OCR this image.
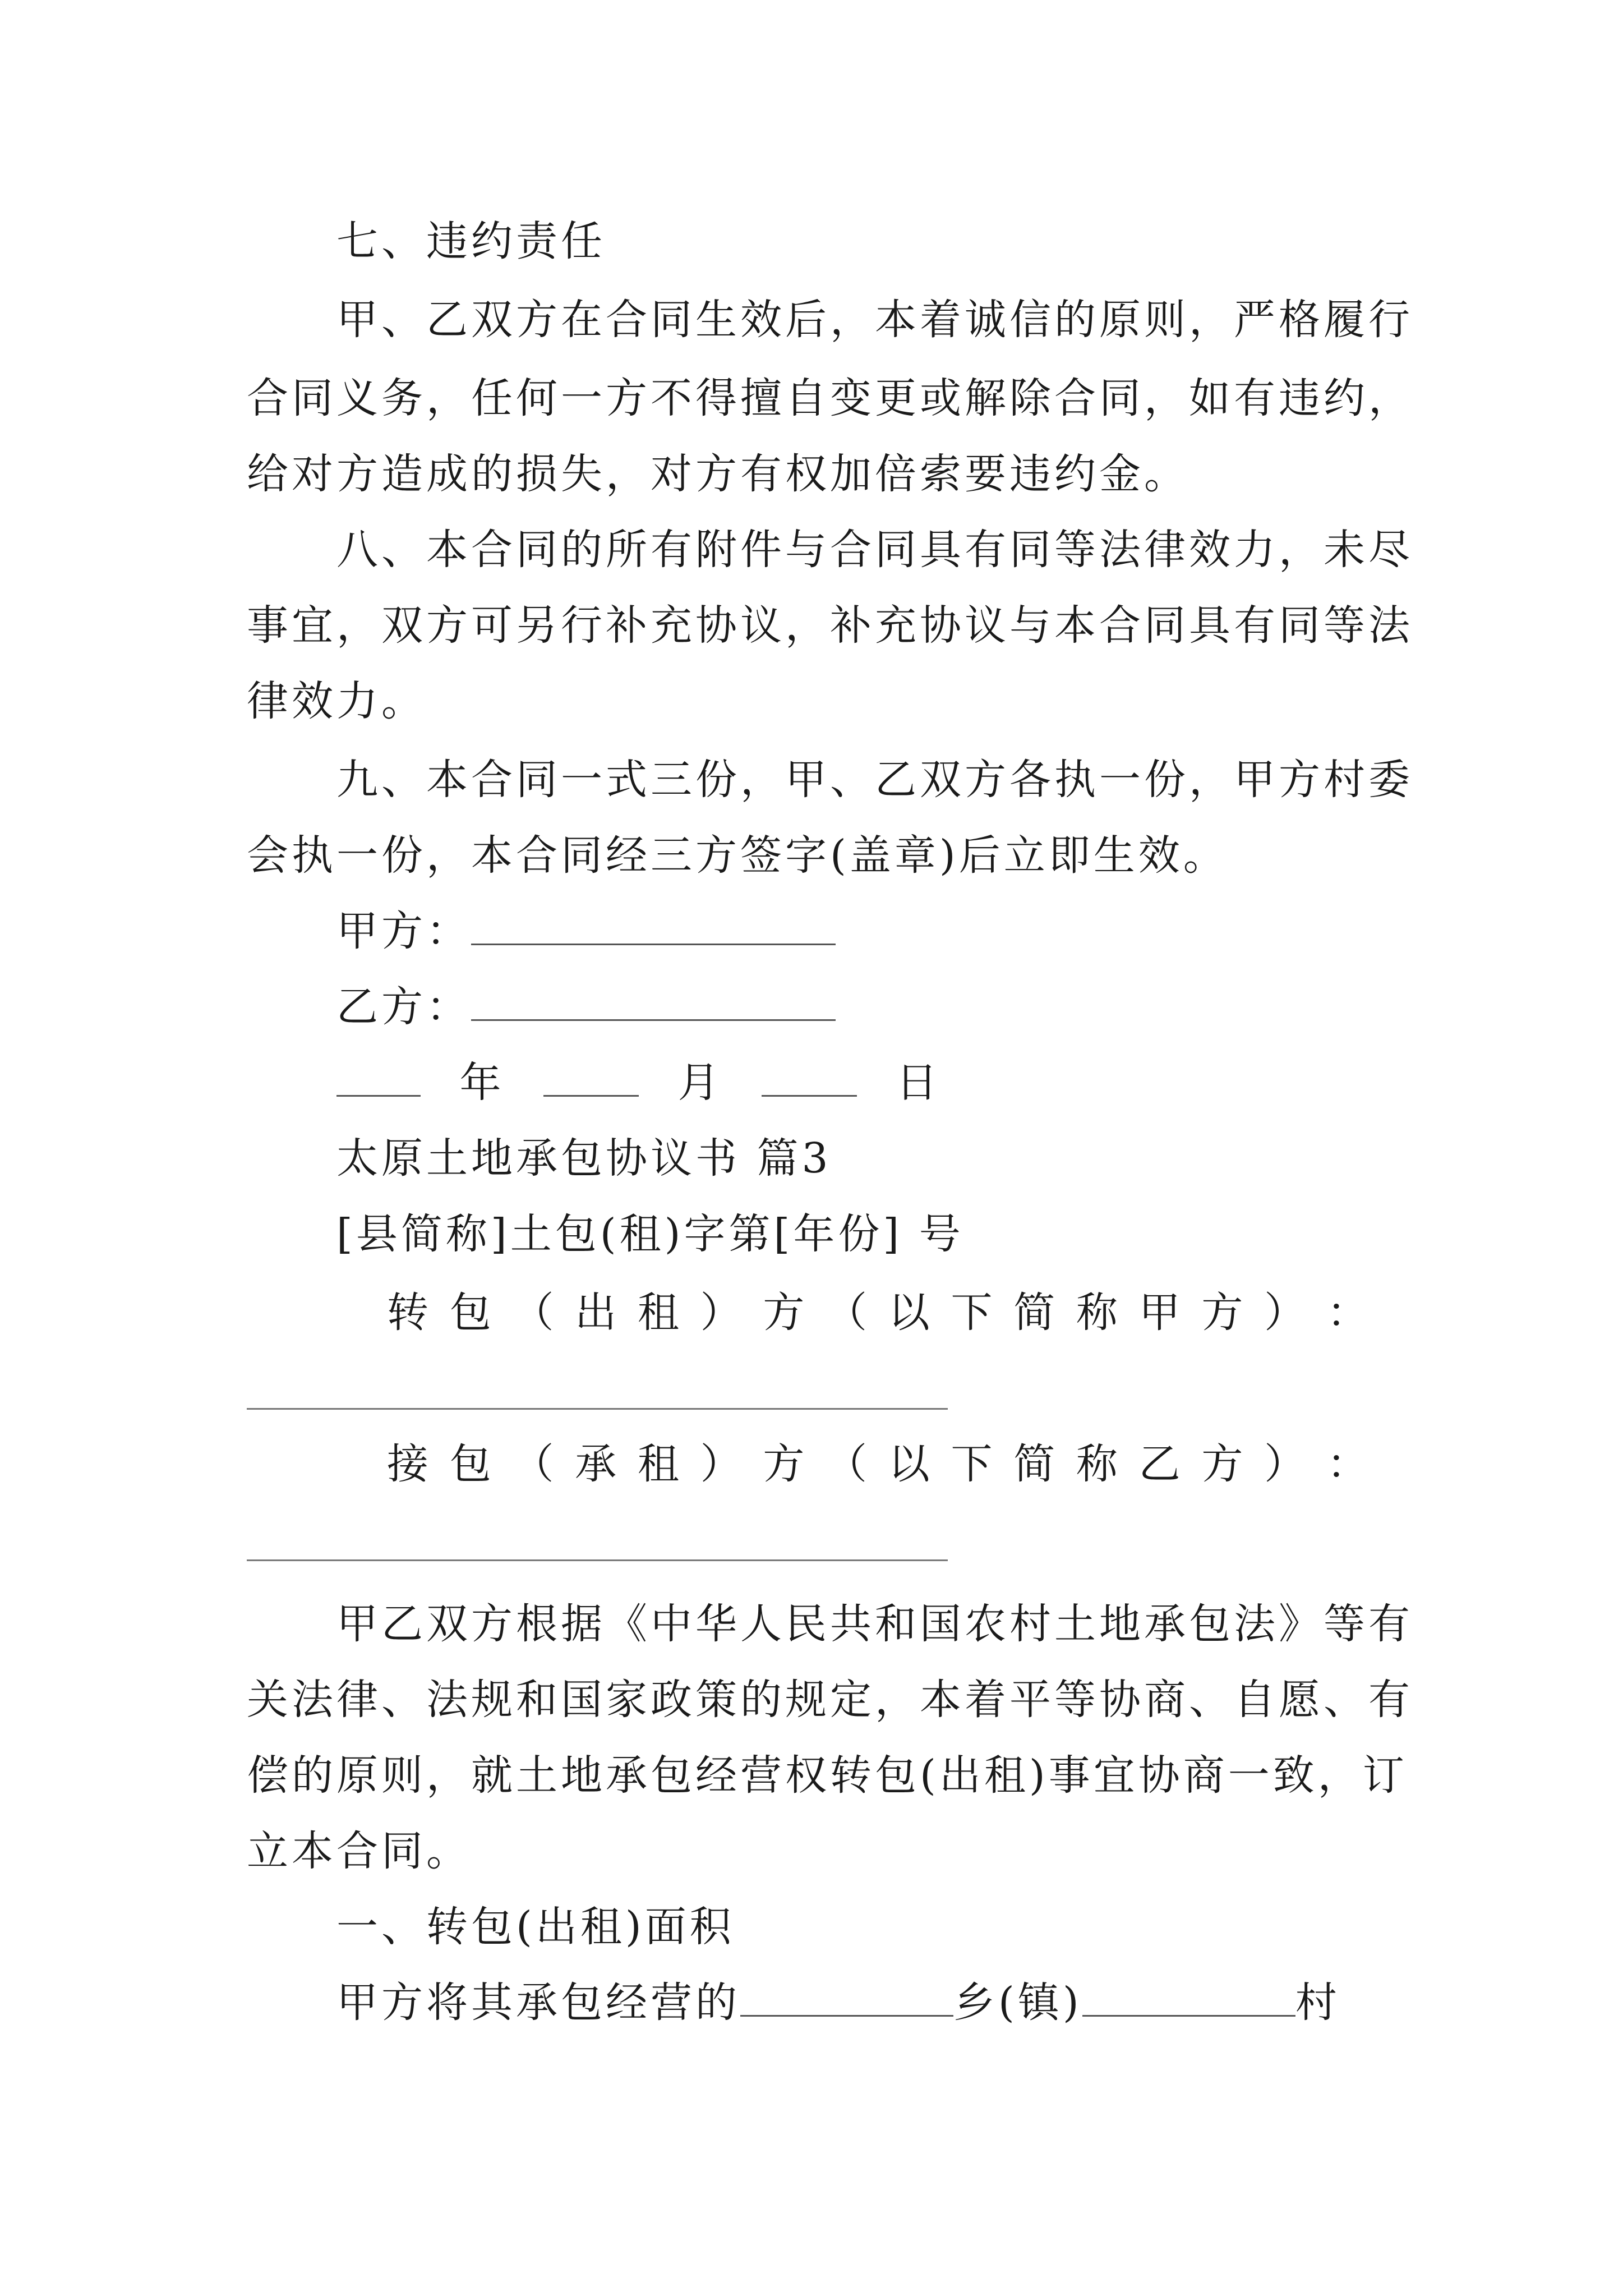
七、违约责任
甲、乙双方在合同生效后，本着诚信的原则，严格履行
合同义务，任何一方不得擅自变更或解除合同，如有违约，
给对方造成的损失，对方有权加倍索要违约金。
八、本合同的所有附件与合同具有同等法律效力，未尽
事宜，双方可另行补充协议，补充协议与本合同具有同等法
律效力。
九、本合同一式三份，甲、乙双方各执一份，甲方村委
会执一份，本合同经三方签字(盖章)后立即生效。
甲方：
乙方：
年	月	日
太原土地承包协议书 篇3
[县简称]土包(租)字第[年份] 号
转 包 （ 出 租 ） 方 （ 以 下 简 称 甲 方 ） ：
接 包 （ 承 租 ） 方 （ 以 下 简 称 乙 方 ） ：
甲乙双方根据《中华人民共和国农村土地承包法》等有
关法律、法规和国家政策的规定，本着平等协商、自愿、有
偿的原则，就土地承包经营权转包(出租)事宜协商一致，订
立本合同。
一、转包(出租)面积
甲方将其承包经营的	乡(镇)	村
